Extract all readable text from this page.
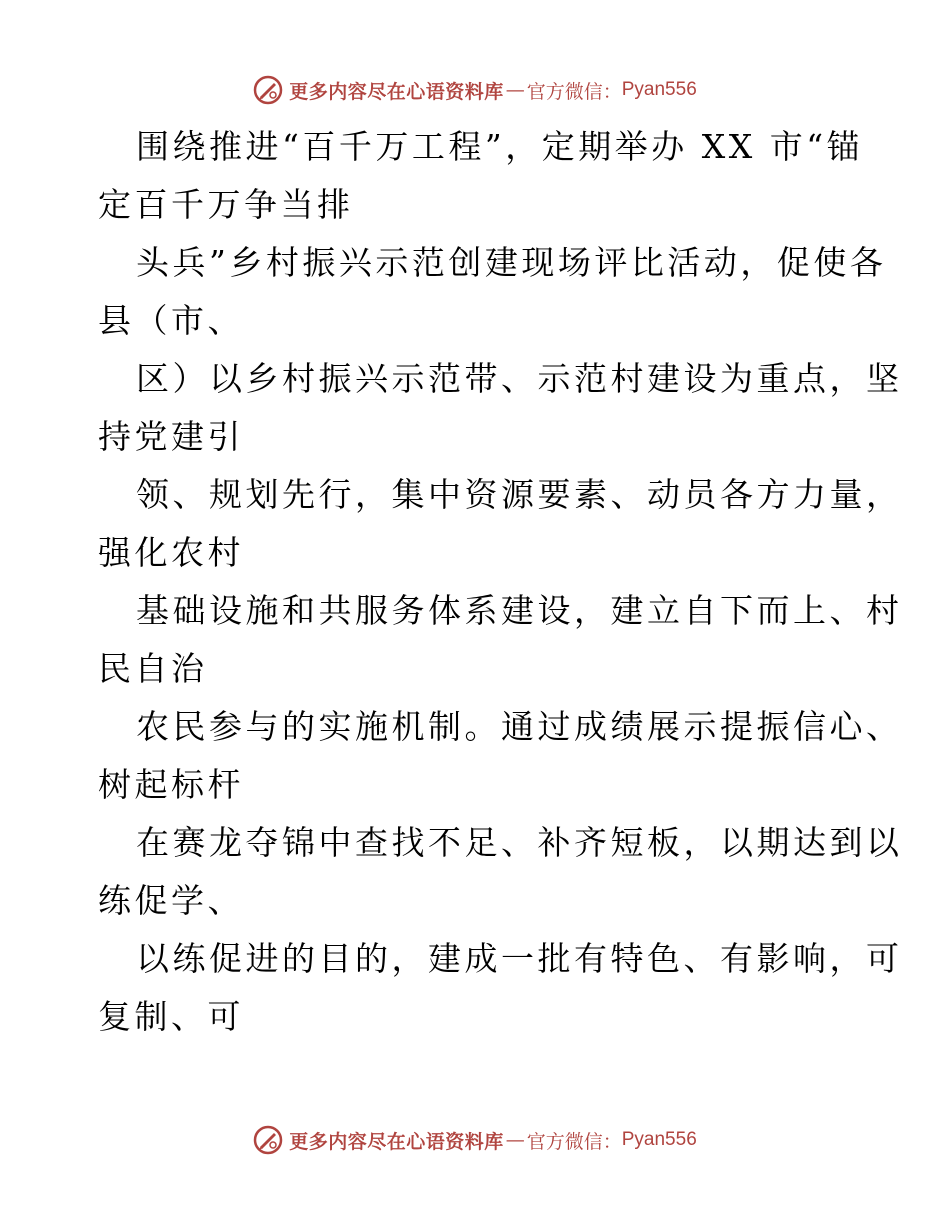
更多内容尽在心语资料库 — 官方微信： Pyan556
围绕推进“百千万工程”，定期举办 XX 市“锚
定百千万争当排
头兵”乡村振兴示范创建现场评比活动，促使各
县（市、
区）以乡村振兴示范带、示范村建设为重点，坚
持党建引
领、规划先行，集中资源要素、动员各方力量，
强化农村
基础设施和共服务体系建设，建立自下而上、村
民自治
农民参与的实施机制。通过成绩展示提振信心、
树起标杆
在赛龙夺锦中查找不足、补齐短板，以期达到以
练促学、
以练促进的目的，建成一批有特色、有影响，可
复制、可
更多内容尽在心语资料库 — 官方微信： Pyan556
